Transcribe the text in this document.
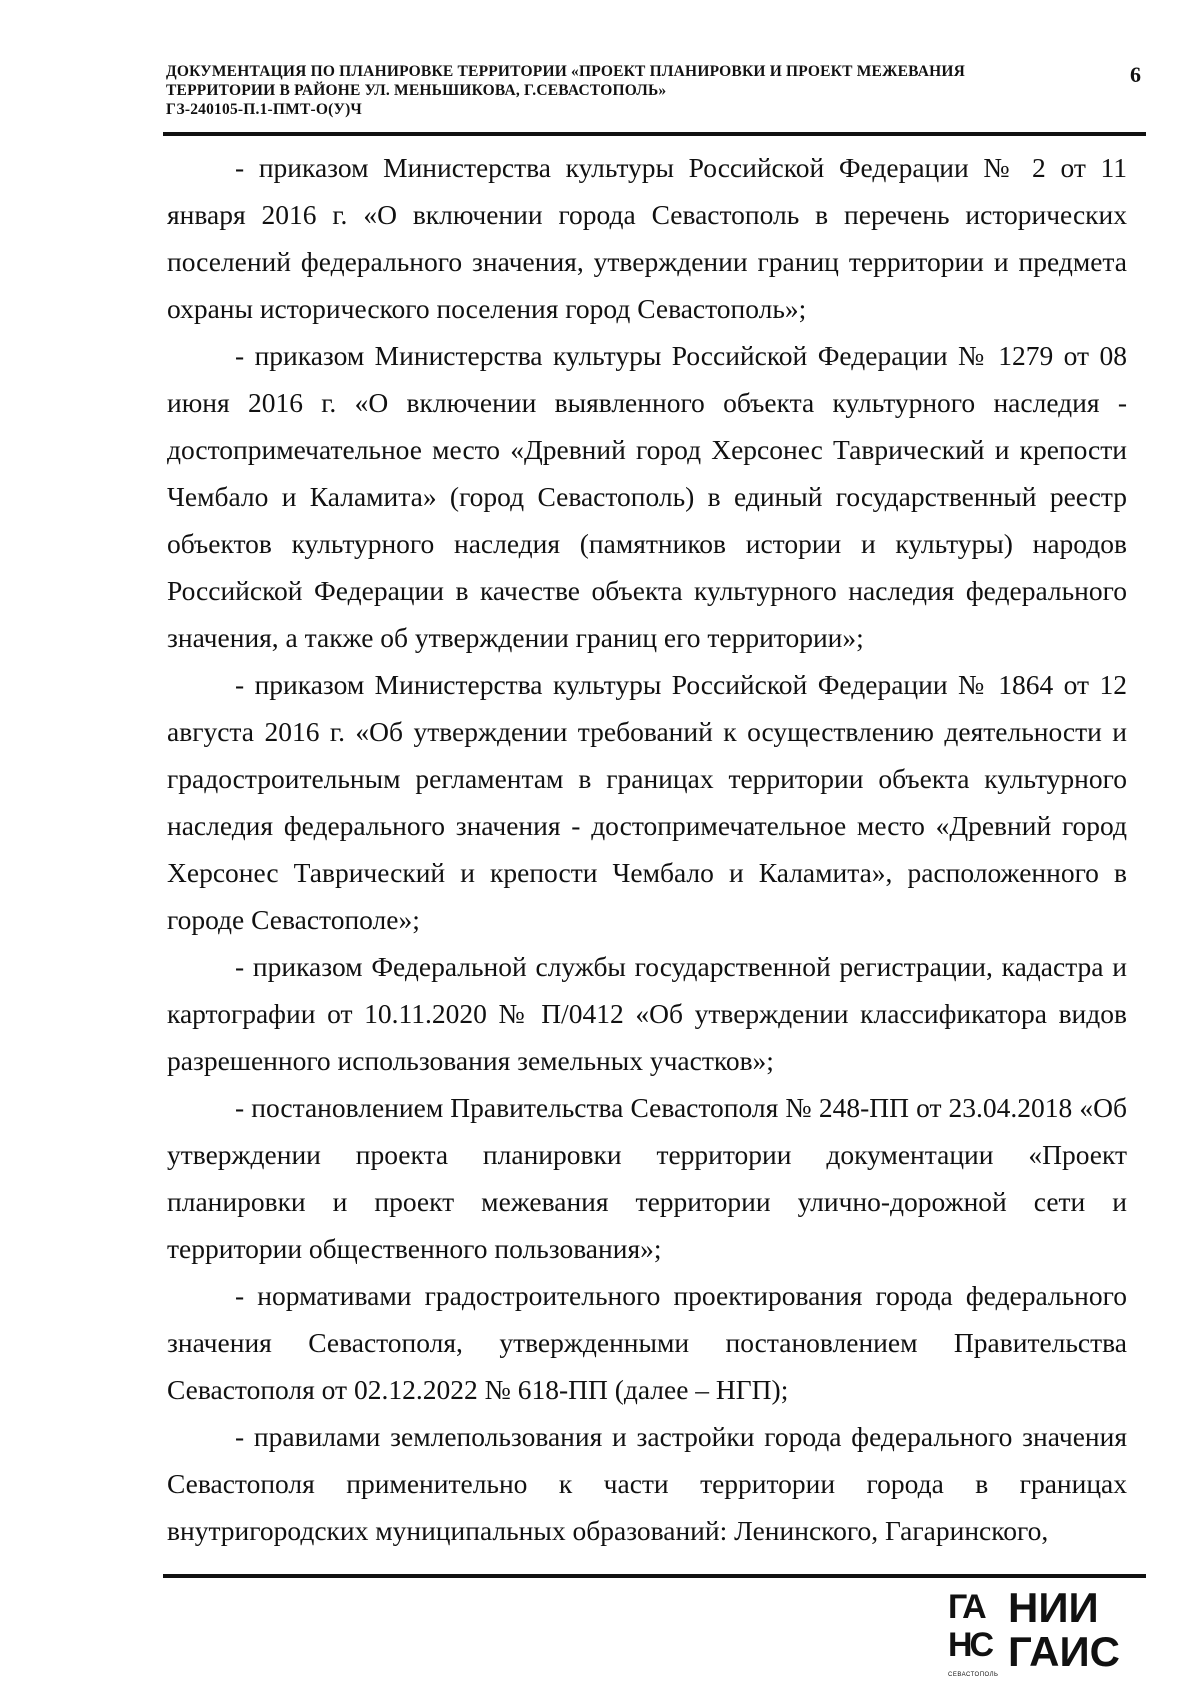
ДОКУМЕНТАЦИЯ ПО ПЛАНИРОВКЕ ТЕРРИТОРИИ «ПРОЕКТ ПЛАНИРОВКИ И ПРОЕКТ МЕЖЕВАНИЯ
ТЕРРИТОРИИ В РАЙОНЕ УЛ. МЕНЬШИКОВА, Г.СЕВАСТОПОЛЬ»
ГЗ-240105-П.1-ПМТ-О(У)Ч
6

- приказом Министерства культуры Российской Федерации № 2 от 11 января 2016 г. «О включении города Севастополь в перечень исторических поселений федерального значения, утверждении границ территории и предмета охраны исторического поселения город Севастополь»;

- приказом Министерства культуры Российской Федерации № 1279 от 08 июня 2016 г. «О включении выявленного объекта культурного наследия - достопримечательное место «Древний город Херсонес Таврический и крепости Чембало и Каламита» (город Севастополь) в единый государственный реестр объектов культурного наследия (памятников истории и культуры) народов Российской Федерации в качестве объекта культурного наследия федерального значения, а также об утверждении границ его территории»;

- приказом Министерства культуры Российской Федерации № 1864 от 12 августа 2016 г. «Об утверждении требований к осуществлению деятельности и градостроительным регламентам в границах территории объекта культурного наследия федерального значения - достопримечательное место «Древний город Херсонес Таврический и крепости Чембало и Каламита», расположенного в городе Севастополе»;

- приказом Федеральной службы государственной регистрации, кадастра и картографии от 10.11.2020 № П/0412 «Об утверждении классификатора видов разрешенного использования земельных участков»;

- постановлением Правительства Севастополя № 248-ПП от 23.04.2018 «Об утверждении проекта планировки территории документации «Проект планировки и проект межевания территории улично-дорожной сети и территории общественного пользования»;

- нормативами градостроительного проектирования города федерального значения Севастополя, утвержденными постановлением Правительства Севастополя от 02.12.2022 № 618-ПП (далее – НГП);

- правилами землепользования и застройки города федерального значения Севастополя применительно к части территории города в границах внутригородских муниципальных образований: Ленинского, Гагаринского,

ГА
НС
СЕВАСТОПОЛЬ
НИИ
ГАИС
